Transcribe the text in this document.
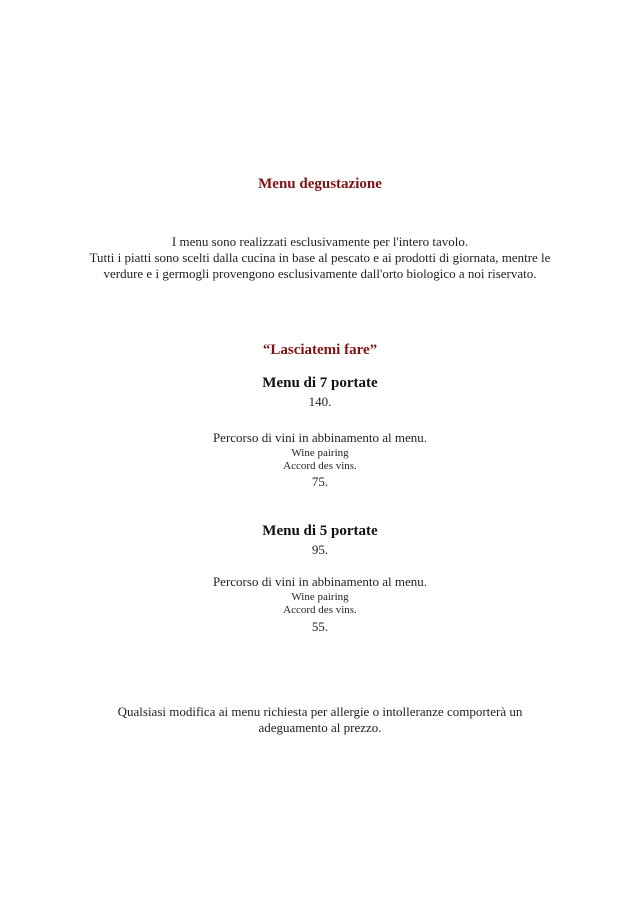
Menu degustazione
I menu sono realizzati esclusivamente per l'intero tavolo.
Tutti i piatti sono scelti dalla cucina in base al pescato e ai prodotti di giornata, mentre le
verdure e i germogli provengono esclusivamente dall'orto biologico a noi riservato.
“Lasciatemi fare”
Menu di 7 portate
140.
Percorso di vini in abbinamento al menu.
Wine pairing
Accord des vins.
75.
Menu di 5 portate
95.
Percorso di vini in abbinamento al menu.
Wine pairing
Accord des vins.
55.
Qualsiasi modifica ai menu richiesta per allergie o intolleranze comporterà un
adeguamento al prezzo.
